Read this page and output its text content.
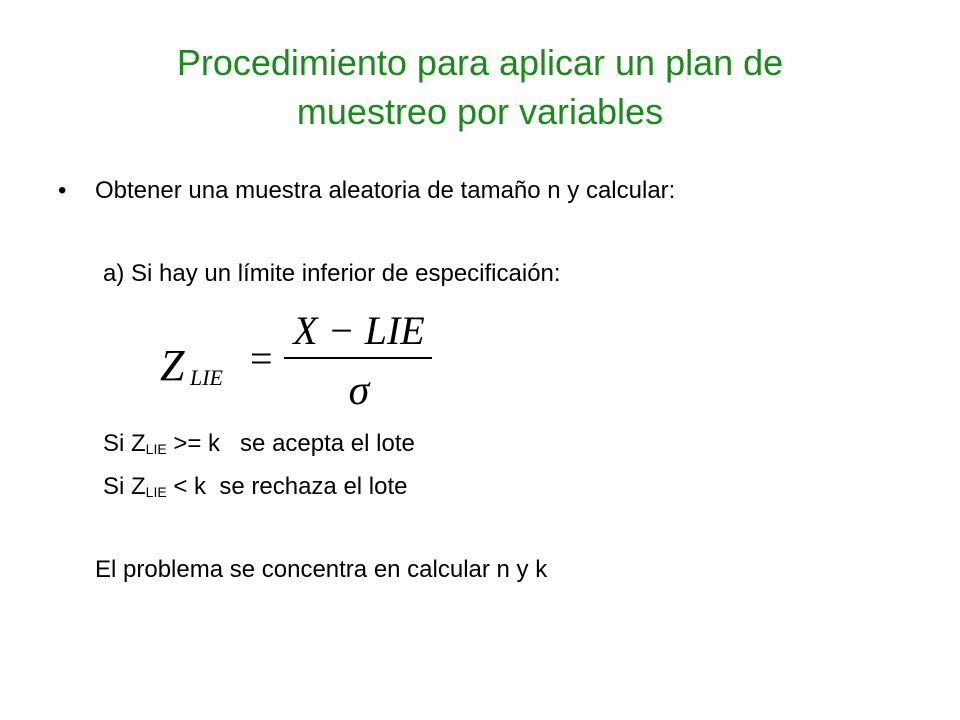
Procedimiento para aplicar un plan de
muestreo por variables
• Obtener una muestra aleatoria de tamaño n y calcular:
a) Si hay un límite inferior de especificaión:
Z LIE =
X − LIE
σ
Si $Z_{LIE} >= k$   se acepta el lote
Si $Z_{LIE} < k$  se rechaza el lote
El problema se concentra en calcular n y k
